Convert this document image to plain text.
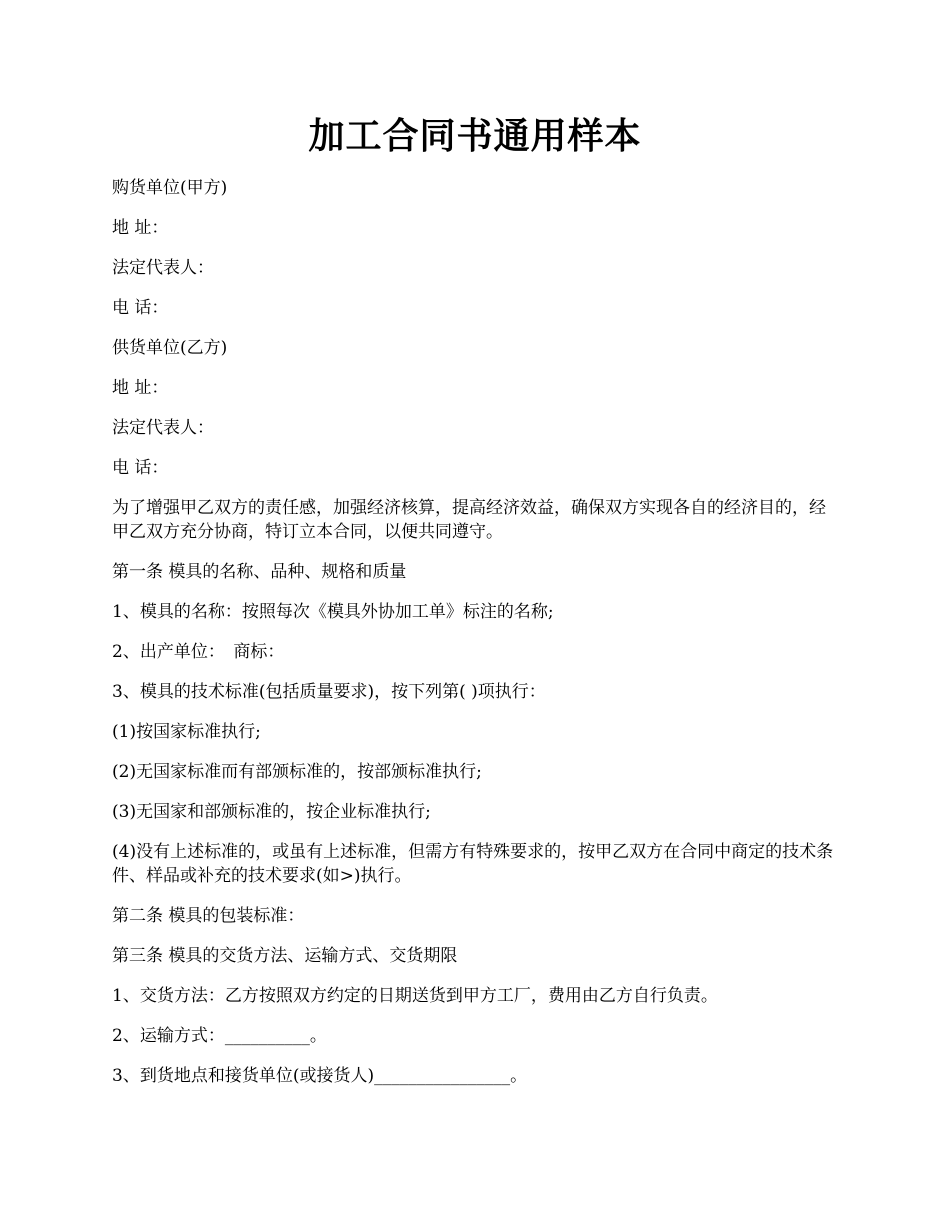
加工合同书通用样本

购货单位(甲方)

地 址：

法定代表人：

电 话：

供货单位(乙方)

地 址：

法定代表人：

电 话：

为了增强甲乙双方的责任感，加强经济核算，提高经济效益，确保双方实现各自的经济目的，经甲乙双方充分协商，特订立本合同，以便共同遵守。

第一条 模具的名称、品种、规格和质量

1、模具的名称：按照每次《模具外协加工单》标注的名称;

2、出产单位：　商标：

3、模具的技术标准(包括质量要求)，按下列第( )项执行：

(1)按国家标准执行;

(2)无国家标准而有部颁标准的，按部颁标准执行;

(3)无国家和部颁标准的，按企业标准执行;

(4)没有上述标准的，或虽有上述标准，但需方有特殊要求的，按甲乙双方在合同中商定的技术条件、样品或补充的技术要求(如>)执行。

第二条 模具的包装标准：

第三条 模具的交货方法、运输方式、交货期限

1、交货方法：乙方按照双方约定的日期送货到甲方工厂，费用由乙方自行负责。

2、运输方式：__________。

3、到货地点和接货单位(或接货人)________________。
